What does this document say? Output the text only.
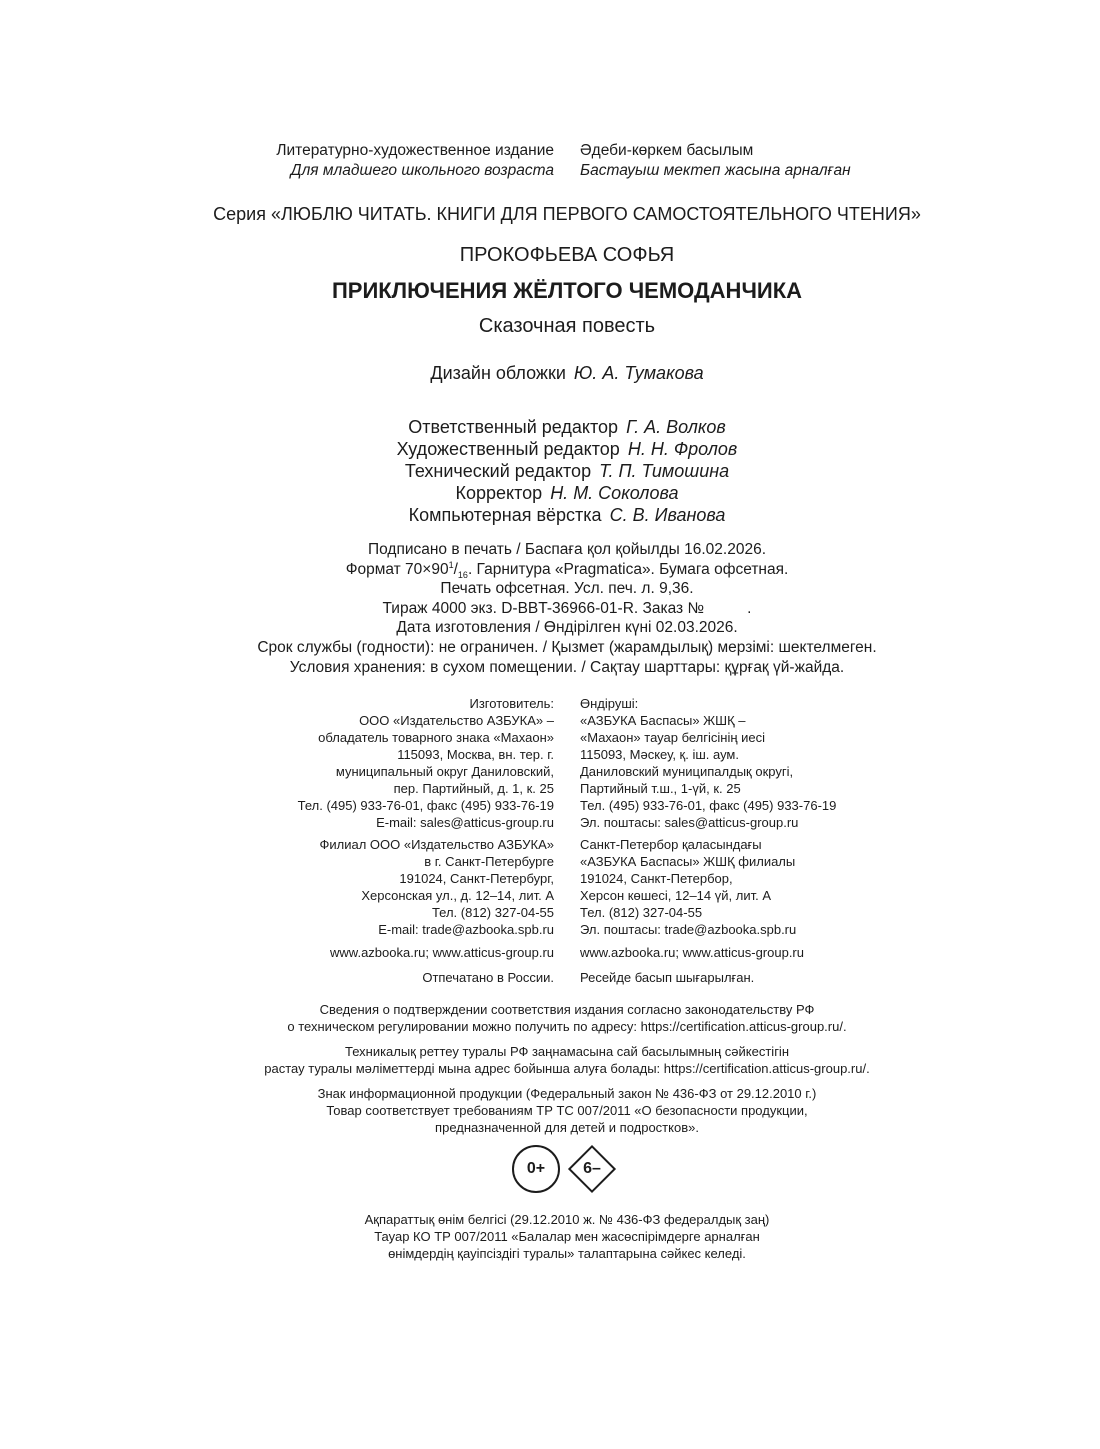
Литературно-художественное издание
Для младшего школьного возраста
Әдеби-көркем басылым
Бастауыш мектеп жасына арналған
Серия «ЛЮБЛЮ ЧИТАТЬ. КНИГИ ДЛЯ ПЕРВОГО САМОСТОЯТЕЛЬНОГО ЧТЕНИЯ»
ПРОКОФЬЕВА СОФЬЯ
ПРИКЛЮЧЕНИЯ ЖЁЛТОГО ЧЕМОДАНЧИКА
Сказочная повесть
Дизайн обложки Ю. А. Тумакова
Ответственный редактор Г. А. Волков
Художественный редактор Н. Н. Фролов
Технический редактор Т. П. Тимошина
Корректор Н. М. Соколова
Компьютерная вёрстка С. В. Иванова
Подписано в печать / Баспаға қол қойылды 16.02.2026.
Формат $70\times 90^1/_{16}$. Гарнитура «Pragmatica». Бумага офсетная.
Печать офсетная. Усл. печ. л. 9,36.
Тираж 4000 экз. D-BBT-36966-01-R. Заказ №          .
Дата изготовления / Өндірілген күні 02.03.2026.
Срок службы (годности): не ограничен. / Қызмет (жарамдылық) мерзімі: шектелмеген.
Условия хранения: в сухом помещении. / Сақтау шарттары: құрғақ үй-жайда.
Изготовитель:
ООО «Издательство АЗБУКА» –
обладатель товарного знака «Махаон»
115093, Москва, вн. тер. г.
муниципальный округ Даниловский,
пер. Партийный, д. 1, к. 25
Тел. (495) 933-76-01, факс (495) 933-76-19
E-mail: sales@atticus-group.ru
Өндіруші:
«АЗБУКА Баспасы» ЖШҚ –
«Махаон» тауар белгісінің иесі
115093, Мәскеу, қ. іш. аум.
Даниловский муниципалдық округі,
Партийный т.ш., 1-үй, к. 25
Тел. (495) 933-76-01, факс (495) 933-76-19
Эл. поштасы: sales@atticus-group.ru
Филиал ООО «Издательство АЗБУКА»
в г. Санкт-Петербурге
191024, Санкт-Петербург,
Херсонская ул., д. 12–14, лит. А
Тел. (812) 327-04-55
E-mail: trade@azbooka.spb.ru
Санкт-Петербор қаласындағы
«АЗБУКА Баспасы» ЖШҚ филиалы
191024, Санкт-Петербор,
Херсон көшесі, 12–14 үй, лит. А
Тел. (812) 327-04-55
Эл. поштасы: trade@azbooka.spb.ru
www.azbooka.ru; www.atticus-group.ru www.azbooka.ru; www.atticus-group.ru
Отпечатано в России. Ресейде басып шығарылған.
Сведения о подтверждении соответствия издания согласно законодательству РФ
о техническом регулировании можно получить по адресу: https://certification.atticus-group.ru/.
Техникалық реттеу туралы РФ заңнамасына сай басылымның сәйкестігін
растау туралы мәліметтерді мына адрес бойынша алуға болады: https://certification.atticus-group.ru/.
Знак информационной продукции (Федеральный закон № 436-ФЗ от 29.12.2010 г.)
Товар соответствует требованиям ТР ТС 007/2011 «О безопасности продукции,
предназначенной для детей и подростков».
0+	6–
Ақпараттық өнім белгісі (29.12.2010 ж. № 436-ФЗ федералдық заң)
Тауар КО ТР 007/2011 «Балалар мен жасөспірімдерге арналған
өнімдердің қауіпсіздігі туралы» талаптарына сәйкес келеді.
